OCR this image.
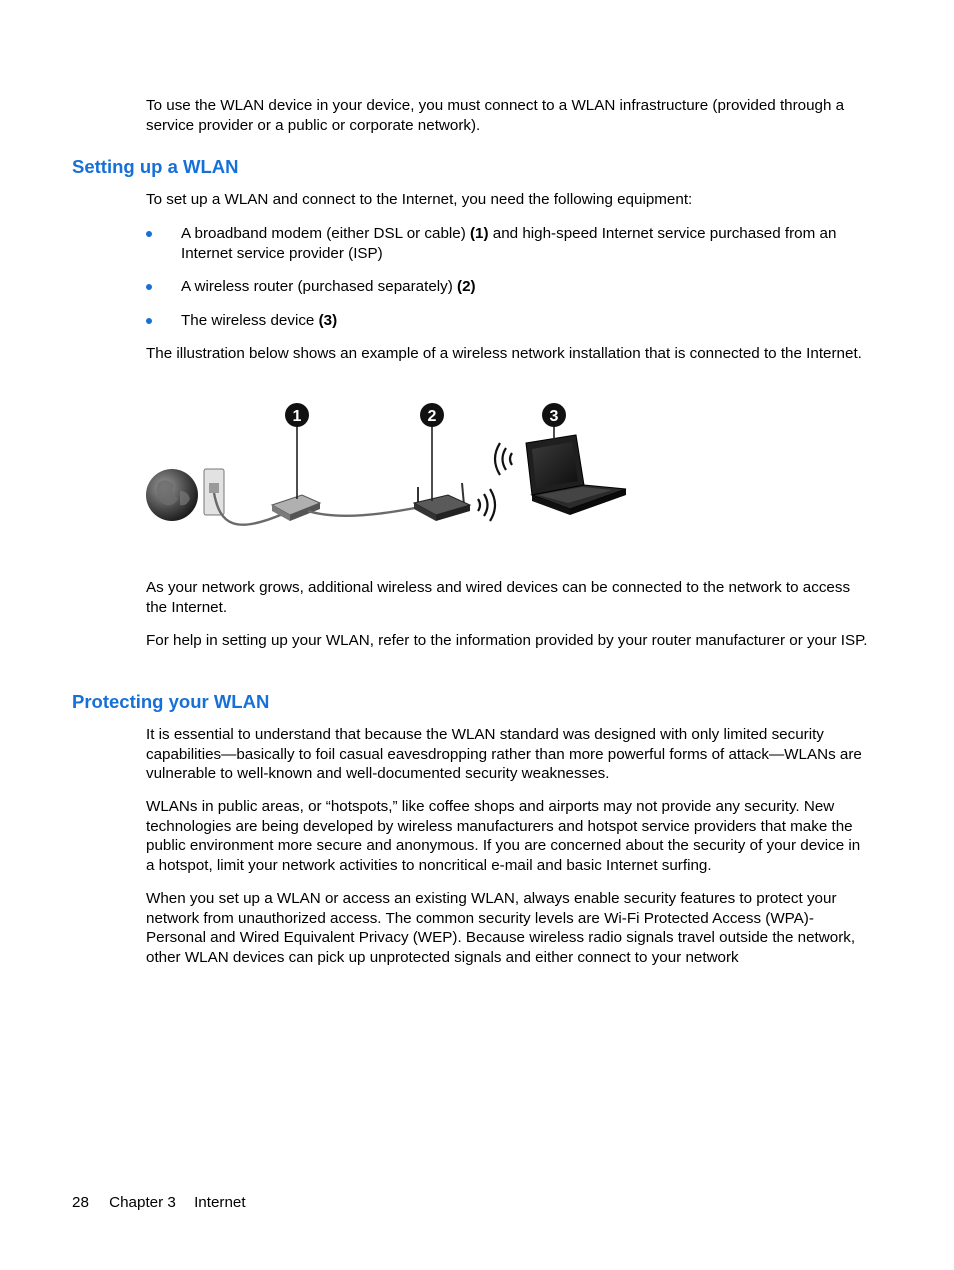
To use the WLAN device in your device, you must connect to a WLAN infrastructure (provided through a service provider or a public or corporate network).

Setting up a WLAN

To set up a WLAN and connect to the Internet, you need the following equipment:

A broadband modem (either DSL or cable) (1) and high-speed Internet service purchased from an Internet service provider (ISP)
A wireless router (purchased separately) (2)
The wireless device (3)

The illustration below shows an example of a wireless network installation that is connected to the Internet.

1	2	3

As your network grows, additional wireless and wired devices can be connected to the network to access the Internet.

For help in setting up your WLAN, refer to the information provided by your router manufacturer or your ISP.

Protecting your WLAN

It is essential to understand that because the WLAN standard was designed with only limited security capabilities—basically to foil casual eavesdropping rather than more powerful forms of attack—WLANs are vulnerable to well-known and well-documented security weaknesses.

WLANs in public areas, or “hotspots,” like coffee shops and airports may not provide any security. New technologies are being developed by wireless manufacturers and hotspot service providers that make the public environment more secure and anonymous. If you are concerned about the security of your device in a hotspot, limit your network activities to noncritical e-mail and basic Internet surfing.

When you set up a WLAN or access an existing WLAN, always enable security features to protect your network from unauthorized access. The common security levels are Wi-Fi Protected Access (WPA)-Personal and Wired Equivalent Privacy (WEP). Because wireless radio signals travel outside the network, other WLAN devices can pick up unprotected signals and either connect to your network

28 Chapter 3 Internet
